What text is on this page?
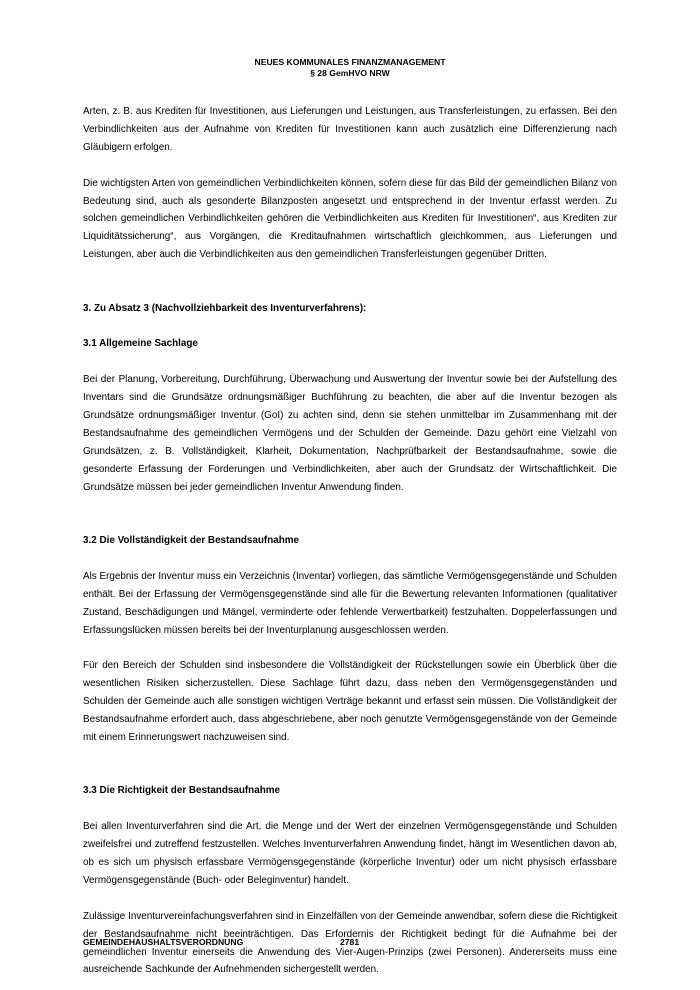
NEUES KOMMUNALES FINANZMANAGEMENT
§ 28 GemHVO NRW

Arten, z. B. aus Krediten für Investitionen, aus Lieferungen und Leistungen, aus Transferleistungen, zu erfassen. Bei den Verbindlichkeiten aus der Aufnahme von Krediten für Investitionen kann auch zusätzlich eine Differenzierung nach Gläubigern erfolgen.

Die wichtigsten Arten von gemeindlichen Verbindlichkeiten können, sofern diese für das Bild der gemeindlichen Bilanz von Bedeutung sind, auch als gesonderte Bilanzposten angesetzt und entsprechend in der Inventur erfasst werden. Zu solchen gemeindlichen Verbindlichkeiten gehören die Verbindlichkeiten aus Krediten für Investitionen“, aus Krediten zur Liquiditätssicherung“, aus Vorgängen, die Kreditaufnahmen wirtschaftlich gleichkommen, aus Lieferungen und Leistungen, aber auch die Verbindlichkeiten aus den gemeindlichen Transferleistungen gegenüber Dritten.

3. Zu Absatz 3 (Nachvollziehbarkeit des Inventurverfahrens):
3.1 Allgemeine Sachlage

Bei der Planung, Vorbereitung, Durchführung, Überwachung und Auswertung der Inventur sowie bei der Aufstellung des Inventars sind die Grundsätze ordnungsmäßiger Buchführung zu beachten, die aber auf die Inventur bezogen als Grundsätze ordnungsmäßiger Inventur (GoI) zu achten sind, denn sie stehen unmittelbar im Zusammenhang mit der Bestandsaufnahme des gemeindlichen Vermögens und der Schulden der Gemeinde. Dazu gehört eine Vielzahl von Grundsätzen, z. B. Vollständigkeit, Klarheit, Dokumentation, Nachprüfbarkeit der Bestandsaufnahme, sowie die gesonderte Erfassung der Forderungen und Verbindlichkeiten, aber auch der Grundsatz der Wirtschaftlichkeit. Die Grundsätze müssen bei jeder gemeindlichen Inventur Anwendung finden.

3.2 Die Vollständigkeit der Bestandsaufnahme

Als Ergebnis der Inventur muss ein Verzeichnis (Inventar) vorliegen, das sämtliche Vermögensgegenstände und Schulden enthält. Bei der Erfassung der Vermögensgegenstände sind alle für die Bewertung relevanten Informationen (qualitativer Zustand, Beschädigungen und Mängel, verminderte oder fehlende Verwertbarkeit) festzuhalten. Doppelerfassungen und Erfassungslücken müssen bereits bei der Inventurplanung ausgeschlossen werden.

Für den Bereich der Schulden sind insbesondere die Vollständigkeit der Rückstellungen sowie ein Überblick über die wesentlichen Risiken sicherzustellen. Diese Sachlage führt dazu, dass neben den Vermögensgegenständen und Schulden der Gemeinde auch alle sonstigen wichtigen Verträge bekannt und erfasst sein müssen. Die Vollständigkeit der Bestandsaufnahme erfordert auch, dass abgeschriebene, aber noch genutzte Vermögensgegenstände von der Gemeinde mit einem Erinnerungswert nachzuweisen sind.

3.3 Die Richtigkeit der Bestandsaufnahme

Bei allen Inventurverfahren sind die Art, die Menge und der Wert der einzelnen Vermögensgegenstände und Schulden zweifelsfrei und zutreffend festzustellen. Welches Inventurverfahren Anwendung findet, hängt im Wesentlichen davon ab, ob es sich um physisch erfassbare Vermögensgegenstände (körperliche Inventur) oder um nicht physisch erfassbare Vermögensgegenstände (Buch- oder Beleginventur) handelt.

Zulässige Inventurvereinfachungsverfahren sind in Einzelfällen von der Gemeinde anwendbar, sofern diese die Richtigkeit der Bestandsaufnahme nicht beeinträchtigen. Das Erfordernis der Richtigkeit bedingt für die Aufnahme bei der gemeindlichen Inventur einerseits die Anwendung des Vier-Augen-Prinzips (zwei Personen). Andererseits muss eine ausreichende Sachkunde der Aufnehmenden sichergestellt werden.

GEMEINDEHAUSHALTSVERORDNUNG	2781
